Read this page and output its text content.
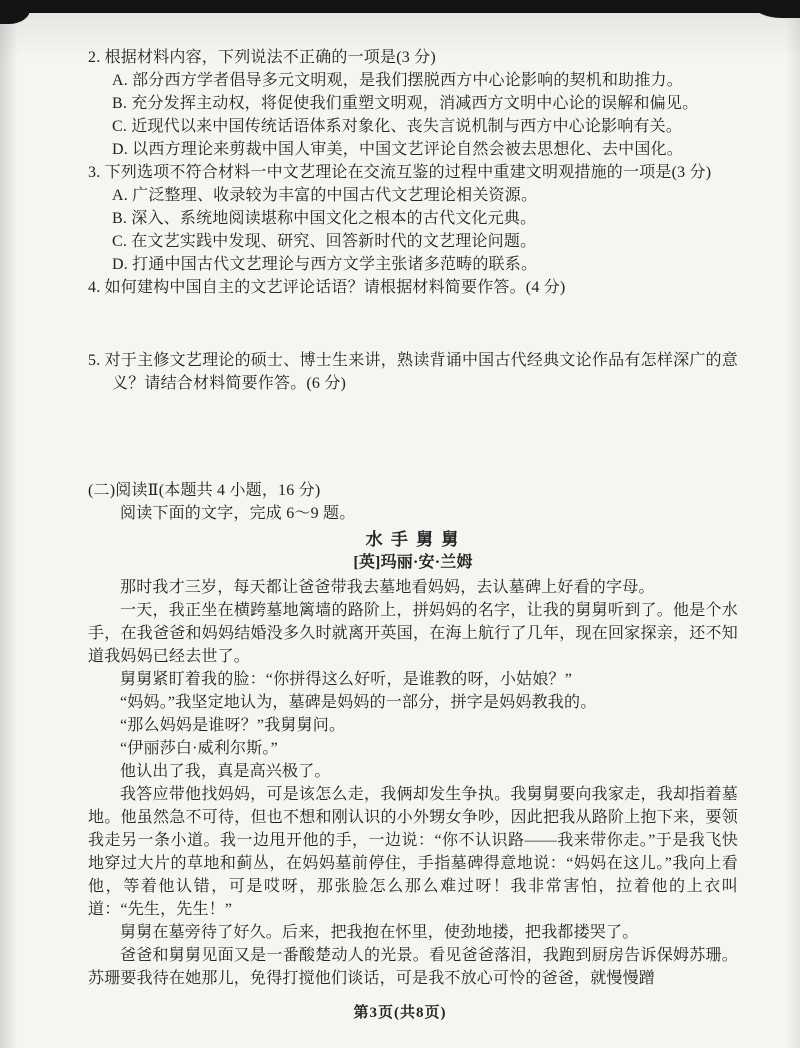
2. 根据材料内容，下列说法不正确的一项是(3 分)
A. 部分西方学者倡导多元文明观，是我们摆脱西方中心论影响的契机和助推力。
B. 充分发挥主动权，将促使我们重塑文明观，消减西方文明中心论的误解和偏见。
C. 近现代以来中国传统话语体系对象化、丧失言说机制与西方中心论影响有关。
D. 以西方理论来剪裁中国人审美，中国文艺评论自然会被去思想化、去中国化。
3. 下列选项不符合材料一中文艺理论在交流互鉴的过程中重建文明观措施的一项是(3 分)
A. 广泛整理、收录较为丰富的中国古代文艺理论相关资源。
B. 深入、系统地阅读堪称中国文化之根本的古代文化元典。
C. 在文艺实践中发现、研究、回答新时代的文艺理论问题。
D. 打通中国古代文艺理论与西方文学主张诸多范畴的联系。
4. 如何建构中国自主的文艺评论话语？请根据材料简要作答。(4 分)
5. 对于主修文艺理论的硕士、博士生来讲，熟读背诵中国古代经典文论作品有怎样深广的意义？请结合材料简要作答。(6 分)
(二)阅读Ⅱ(本题共 4 小题，16 分)
阅读下面的文字，完成 6～9 题。
水 手 舅 舅
[英]玛丽·安·兰姆

那时我才三岁，每天都让爸爸带我去墓地看妈妈，去认墓碑上好看的字母。

一天，我正坐在横跨墓地篱墙的路阶上，拼妈妈的名字，让我的舅舅听到了。他是个水手，在我爸爸和妈妈结婚没多久时就离开英国，在海上航行了几年，现在回家探亲，还不知道我妈妈已经去世了。

舅舅紧盯着我的脸：“你拼得这么好听，是谁教的呀，小姑娘？”

“妈妈。”我坚定地认为，墓碑是妈妈的一部分，拼字是妈妈教我的。

“那么妈妈是谁呀？”我舅舅问。

“伊丽莎白·威利尔斯。”

他认出了我，真是高兴极了。

我答应带他找妈妈，可是该怎么走，我俩却发生争执。我舅舅要向我家走，我却指着墓地。他虽然急不可待，但也不想和刚认识的小外甥女争吵，因此把我从路阶上抱下来，要领我走另一条小道。我一边甩开他的手，一边说：“你不认识路——我来带你走。”于是我飞快地穿过大片的草地和蓟丛，在妈妈墓前停住，手指墓碑得意地说：“妈妈在这儿。”我向上看他，等着他认错，可是哎呀，那张脸怎么那么难过呀！我非常害怕，拉着他的上衣叫道：“先生，先生！”

舅舅在墓旁待了好久。后来，把我抱在怀里，使劲地搂，把我都搂哭了。

爸爸和舅舅见面又是一番酸楚动人的光景。看见爸爸落泪，我跑到厨房告诉保姆苏珊。苏珊要我待在她那儿，免得打搅他们谈话，可是我不放心可怜的爸爸，就慢慢蹭

第3页(共8页)
